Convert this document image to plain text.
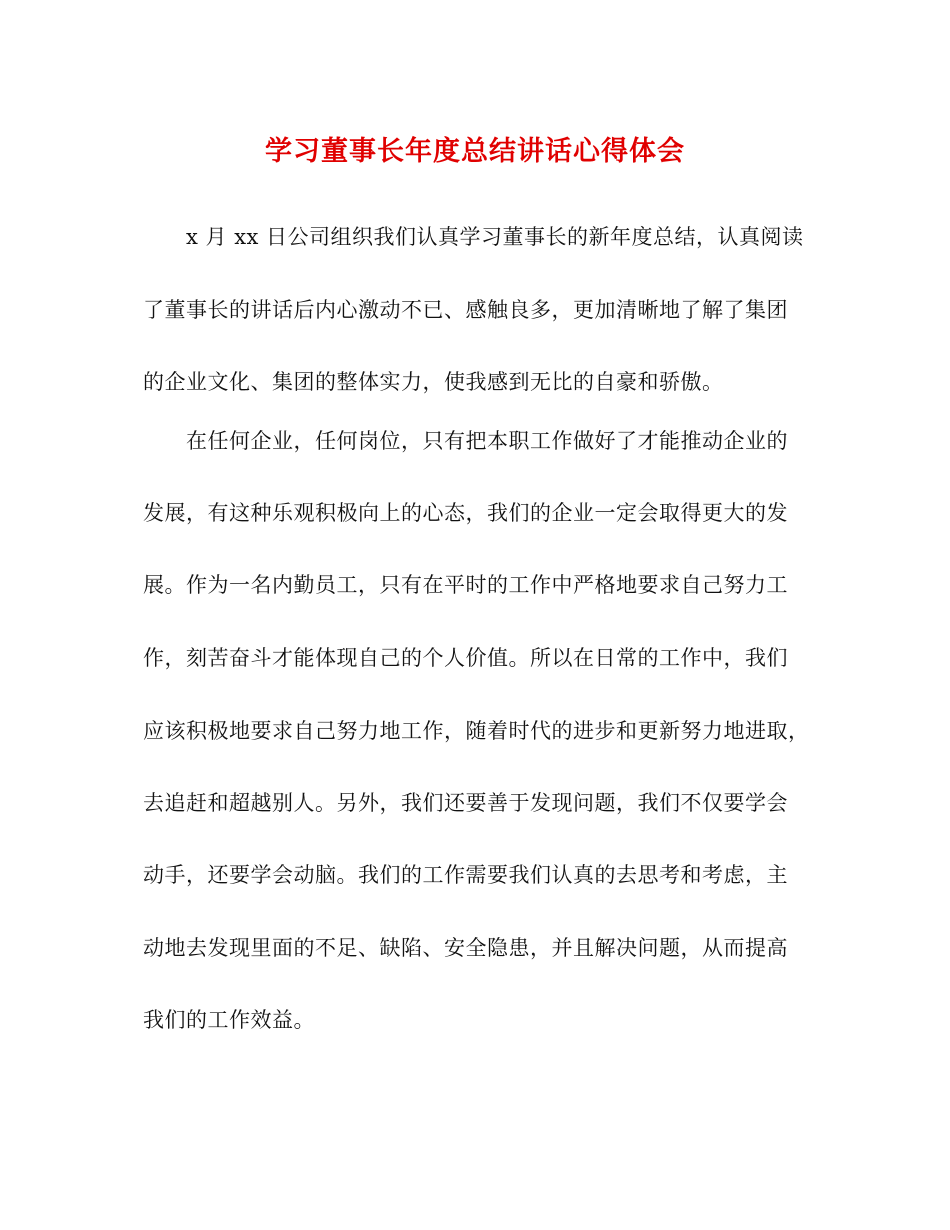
学习董事长年度总结讲话心得体会
x 月 xx 日公司组织我们认真学习董事长的新年度总结，认真阅读
了董事长的讲话后内心激动不已、感触良多，更加清晰地了解了集团
的企业文化、集团的整体实力，使我感到无比的自豪和骄傲。
在任何企业，任何岗位，只有把本职工作做好了才能推动企业的
发展，有这种乐观积极向上的心态，我们的企业一定会取得更大的发
展。作为一名内勤员工，只有在平时的工作中严格地要求自己努力工
作，刻苦奋斗才能体现自己的个人价值。所以在日常的工作中，我们
应该积极地要求自己努力地工作，随着时代的进步和更新努力地进取，
去追赶和超越别人。另外，我们还要善于发现问题，我们不仅要学会
动手，还要学会动脑。我们的工作需要我们认真的去思考和考虑，主
动地去发现里面的不足、缺陷、安全隐患，并且解决问题，从而提高
我们的工作效益。
